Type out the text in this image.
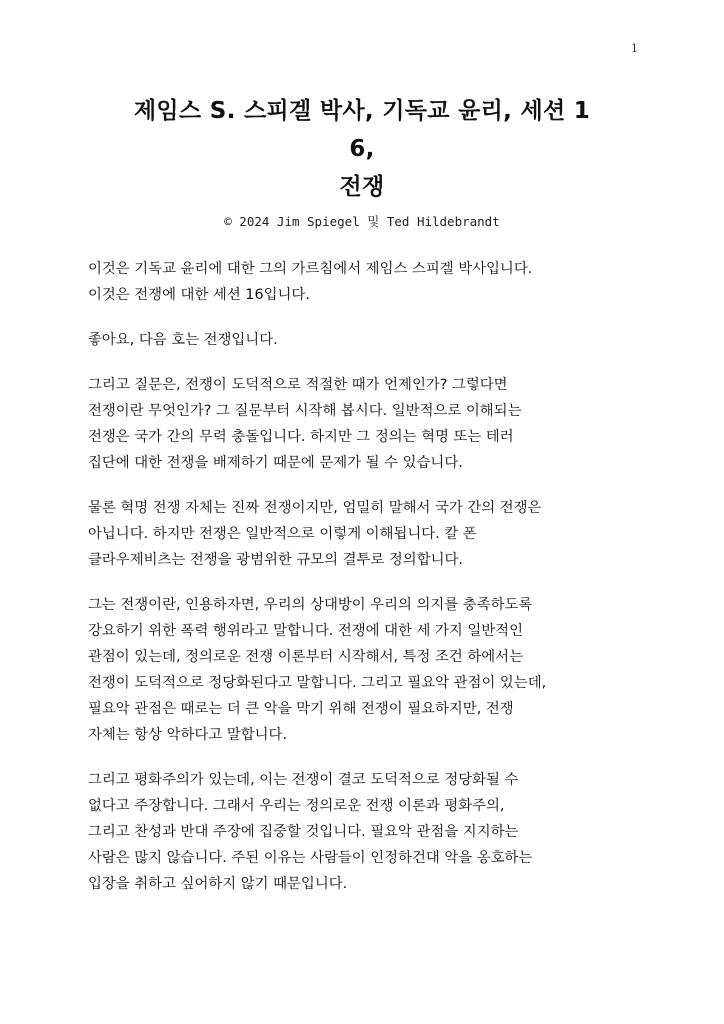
1
제임스 S. 스피겔 박사, 기독교 윤리, 세션 1
6,
전쟁
© 2024 Jim Spiegel 및 Ted Hildebrandt

이것은 기독교 윤리에 대한 그의 가르침에서 제임스 스피겔 박사입니다.
이것은 전쟁에 대한 세션 16입니다.

좋아요, 다음 호는 전쟁입니다.

그리고 질문은, 전쟁이 도덕적으로 적절한 때가 언제인가? 그렇다면
전쟁이란 무엇인가? 그 질문부터 시작해 봅시다. 일반적으로 이해되는
전쟁은 국가 간의 무력 충돌입니다. 하지만 그 정의는 혁명 또는 테러
집단에 대한 전쟁을 배제하기 때문에 문제가 될 수 있습니다.

물론 혁명 전쟁 자체는 진짜 전쟁이지만, 엄밀히 말해서 국가 간의 전쟁은
아닙니다. 하지만 전쟁은 일반적으로 이렇게 이해됩니다. 칼 폰
클라우제비츠는 전쟁을 광범위한 규모의 결투로 정의합니다.

그는 전쟁이란, 인용하자면, 우리의 상대방이 우리의 의지를 충족하도록
강요하기 위한 폭력 행위라고 말합니다. 전쟁에 대한 세 가지 일반적인
관점이 있는데, 정의로운 전쟁 이론부터 시작해서, 특정 조건 하에서는
전쟁이 도덕적으로 정당화된다고 말합니다. 그리고 필요악 관점이 있는데,
필요악 관점은 때로는 더 큰 악을 막기 위해 전쟁이 필요하지만, 전쟁
자체는 항상 악하다고 말합니다.

그리고 평화주의가 있는데, 이는 전쟁이 결코 도덕적으로 정당화될 수
없다고 주장합니다. 그래서 우리는 정의로운 전쟁 이론과 평화주의,
그리고 찬성과 반대 주장에 집중할 것입니다. 필요악 관점을 지지하는
사람은 많지 않습니다. 주된 이유는 사람들이 인정하건대 악을 옹호하는
입장을 취하고 싶어하지 않기 때문입니다.
